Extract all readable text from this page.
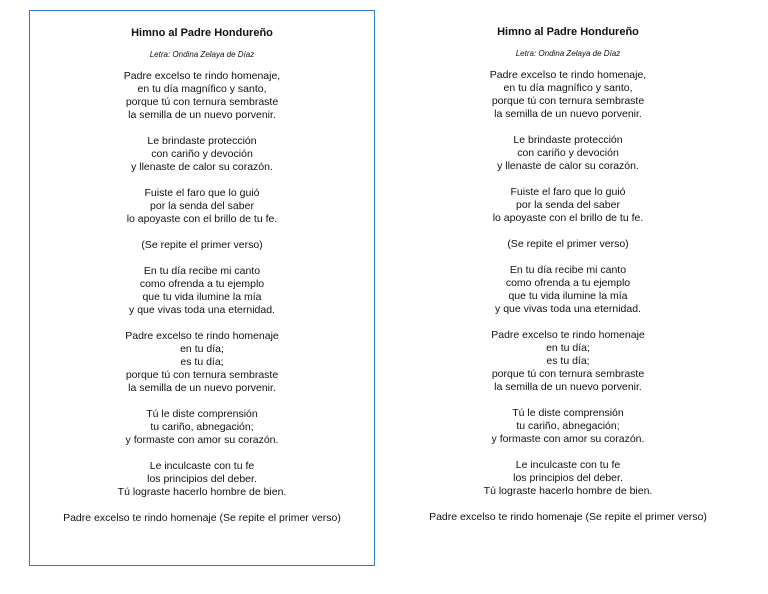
Himno al Padre Hondureño
Letra: Ondina Zelaya de Díaz
Padre excelso te rindo homenaje,
en tu día magnífico y santo,
porque tú con ternura sembraste
la semilla de un nuevo porvenir.
Le brindaste protección
con cariño y devoción
y llenaste de calor su corazón.
Fuiste el faro que lo guió
por la senda del saber
lo apoyaste con el brillo de tu fe.
(Se repite el primer verso)
En tu día recibe mi canto
como ofrenda a tu ejemplo
que tu vida ilumine la mía
y que vivas toda una eternidad.
Padre excelso te rindo homenaje
en tu día;
es tu día;
porque tú con ternura sembraste
la semilla de un nuevo porvenir.
Tú le diste comprensión
tu cariño, abnegación;
y formaste con amor su corazón.
Le inculcaste con tu fe
los principios del deber.
Tú lograste hacerlo hombre de bien.
Padre excelso te rindo homenaje (Se repite el primer verso)
Himno al Padre Hondureño
Letra: Ondina Zelaya de Díaz
Padre excelso te rindo homenaje,
en tu día magnífico y santo,
porque tú con ternura sembraste
la semilla de un nuevo porvenir.
Le brindaste protección
con cariño y devoción
y llenaste de calor su corazón.
Fuiste el faro que lo guió
por la senda del saber
lo apoyaste con el brillo de tu fe.
(Se repite el primer verso)
En tu día recibe mi canto
como ofrenda a tu ejemplo
que tu vida ilumine la mía
y que vivas toda una eternidad.
Padre excelso te rindo homenaje
en tu día;
es tu día;
porque tú con ternura sembraste
la semilla de un nuevo porvenir.
Tú le diste comprensión
tu cariño, abnegación;
y formaste con amor su corazón.
Le inculcaste con tu fe
los principios del deber.
Tú lograste hacerlo hombre de bien.
Padre excelso te rindo homenaje (Se repite el primer verso)
